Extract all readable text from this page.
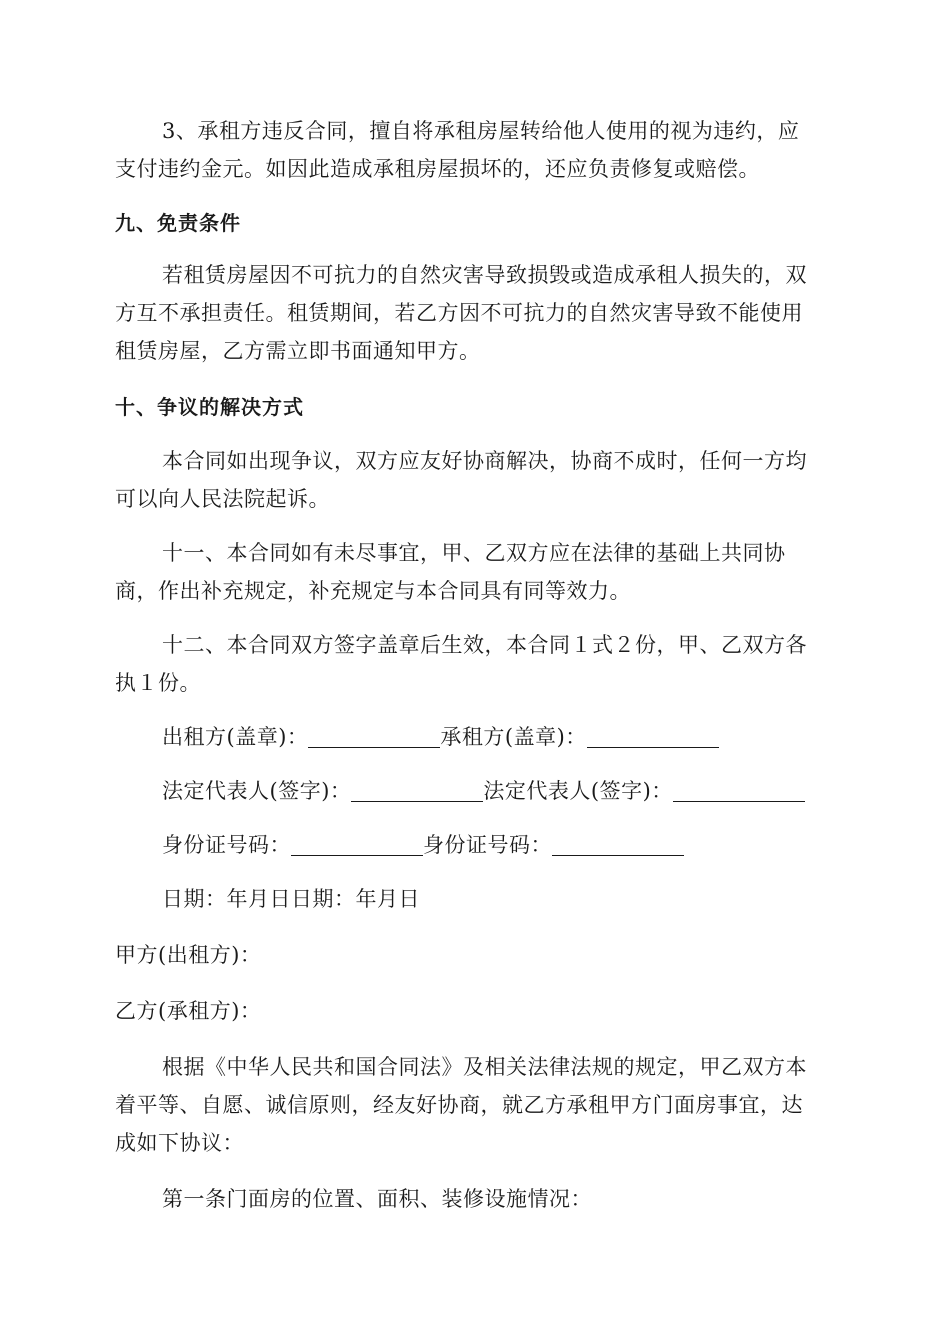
3、承租方违反合同，擅自将承租房屋转给他人使用的视为违约，应
支付违约金元。如因此造成承租房屋损坏的，还应负责修复或赔偿。
九、免责条件
若租赁房屋因不可抗力的自然灾害导致损毁或造成承租人损失的，双
方互不承担责任。租赁期间，若乙方因不可抗力的自然灾害导致不能使用
租赁房屋，乙方需立即书面通知甲方。
十、争议的解决方式
本合同如出现争议，双方应友好协商解决，协商不成时，任何一方均
可以向人民法院起诉。
十一、本合同如有未尽事宜，甲、乙双方应在法律的基础上共同协
商，作出补充规定，补充规定与本合同具有同等效力。
十二、本合同双方签字盖章后生效，本合同１式２份，甲、乙双方各
执１份。
出租方(盖章)：	承租方(盖章)：
法定代表人(签字)：	法定代表人(签字)：
身份证号码：	身份证号码：
日期：年月日日期：年月日
甲方(出租方)：
乙方(承租方)：
根据《中华人民共和国合同法》及相关法律法规的规定，甲乙双方本
着平等、自愿、诚信原则，经友好协商，就乙方承租甲方门面房事宜，达
成如下协议：
第一条门面房的位置、面积、装修设施情况：
